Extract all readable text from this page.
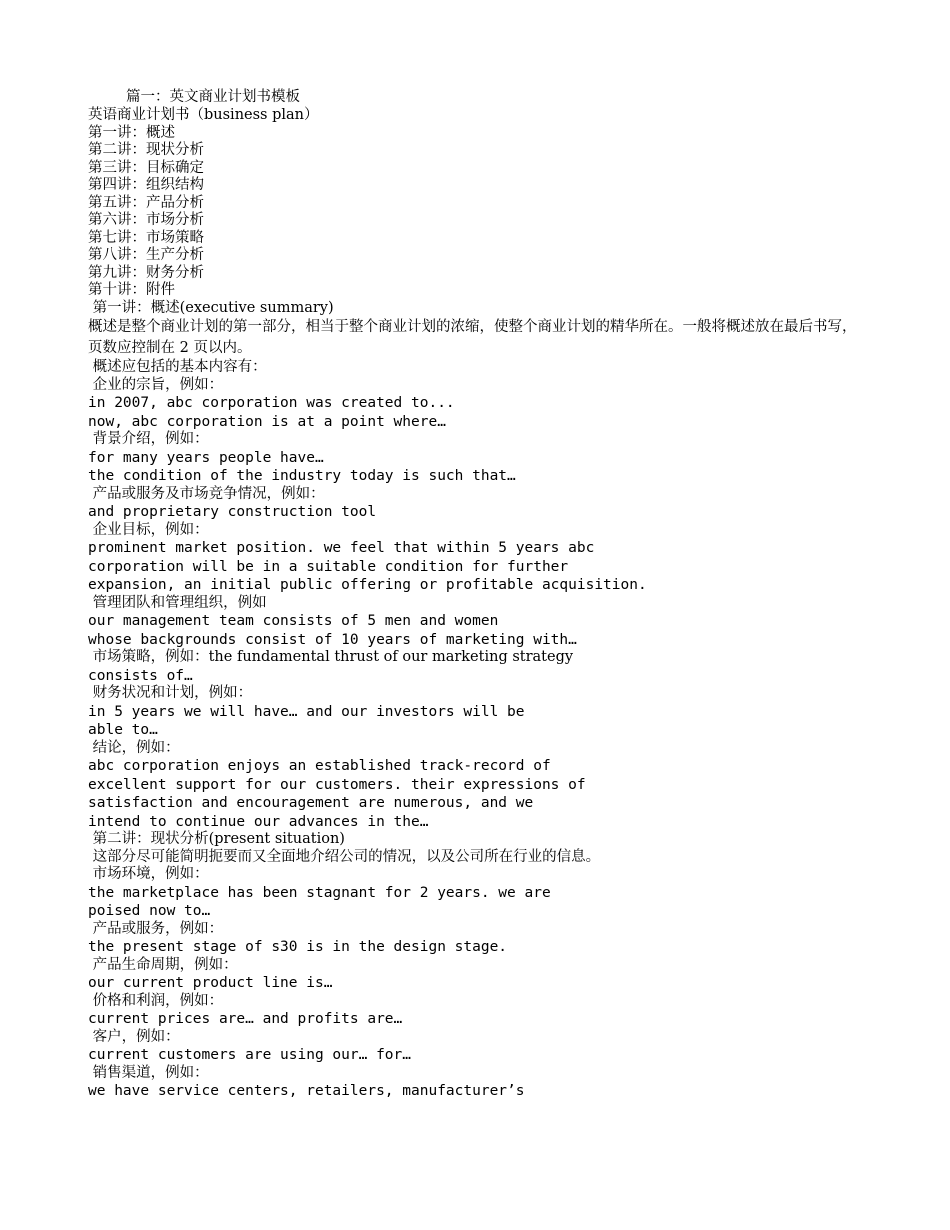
篇一：英文商业计划书模板
英语商业计划书（business plan）
第一讲：概述
第二讲：现状分析
第三讲：目标确定
第四讲：组织结构
第五讲：产品分析
第六讲：市场分析
第七讲：市场策略
第八讲：生产分析
第九讲：财务分析
第十讲：附件
第一讲：概述(executive summary)
概述是整个商业计划的第一部分，相当于整个商业计划的浓缩，使整个商业计划的精华所在。一般将概述放在最后书写，页数应控制在 2 页以内。
概述应包括的基本内容有：
企业的宗旨，例如：
in 2007, abc corporation was created to...
now, abc corporation is at a point where…
背景介绍，例如：
for many years people have…
the condition of the industry today is such that…
产品或服务及市场竞争情况，例如：
and proprietary construction tool
企业目标，例如：
prominent market position. we feel that within 5 years abc
corporation will be in a suitable condition for further
expansion, an initial public offering or profitable acquisition.
管理团队和管理组织，例如
our management team consists of 5 men and women
whose backgrounds consist of 10 years of marketing with…
市场策略，例如：the fundamental thrust of our marketing strategy
consists of…
财务状况和计划，例如：
in 5 years we will have… and our investors will be
able to…
结论，例如：
abc corporation enjoys an established track-record of
excellent support for our customers. their expressions of
satisfaction and encouragement are numerous, and we
intend to continue our advances in the…
第二讲：现状分析(present situation)
这部分尽可能简明扼要而又全面地介绍公司的情况，以及公司所在行业的信息。
市场环境，例如：
the marketplace has been stagnant for 2 years. we are
poised now to…
产品或服务，例如：
the present stage of s30 is in the design stage.
产品生命周期，例如：
our current product line is…
价格和利润，例如：
current prices are… and profits are…
客户，例如：
current customers are using our… for…
销售渠道，例如：
we have service centers, retailers, manufacturer’s
